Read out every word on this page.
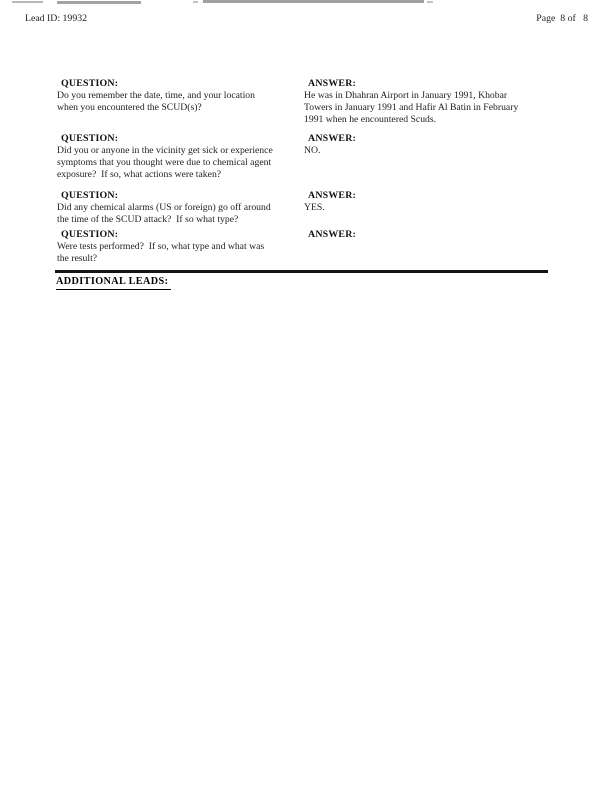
Lead ID: 19932	Page  8 of   8
QUESTION:
Do you remember the date, time, and your location
when you encountered the SCUD(s)?
ANSWER:
He was in Dhahran Airport in January 1991, Khobar
Towers in January 1991 and Hafir Al Batin in February
1991 when he encountered Scuds.
QUESTION:
Did you or anyone in the vicinity get sick or experience
symptoms that you thought were due to chemical agent
exposure?  If so, what actions were taken?
ANSWER:
NO.
QUESTION:
Did any chemical alarms (US or foreign) go off around
the time of the SCUD attack?  If so what type?
ANSWER:
YES.
QUESTION:
Were tests performed?  If so, what type and what was
the result?
ANSWER:
ADDITIONAL LEADS:
